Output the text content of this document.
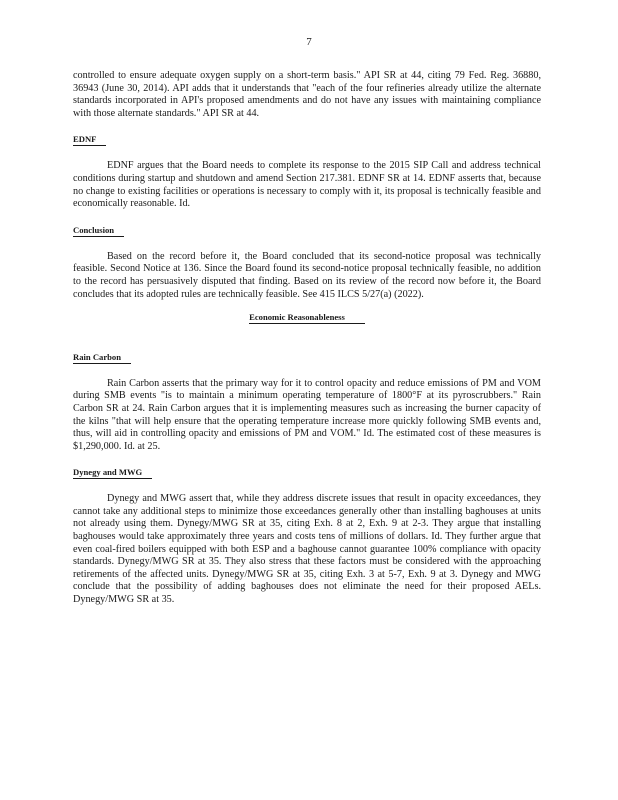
7

controlled to ensure adequate oxygen supply on a short-term basis." API SR at 44, citing 79 Fed. Reg. 36880, 36943 (June 30, 2014). API adds that it understands that "each of the four refineries already utilize the alternate standards incorporated in API's proposed amendments and do not have any issues with maintaining compliance with those alternate standards." API SR at 44.

EDNF

EDNF argues that the Board needs to complete its response to the 2015 SIP Call and address technical conditions during startup and shutdown and amend Section 217.381. EDNF SR at 14. EDNF asserts that, because no change to existing facilities or operations is necessary to comply with it, its proposal is technically feasible and economically reasonable. Id.

Conclusion

Based on the record before it, the Board concluded that its second-notice proposal was technically feasible. Second Notice at 136. Since the Board found its second-notice proposal technically feasible, no addition to the record has persuasively disputed that finding. Based on its review of the record now before it, the Board concludes that its adopted rules are technically feasible. See 415 ILCS 5/27(a) (2022).

Economic Reasonableness
Rain Carbon

Rain Carbon asserts that the primary way for it to control opacity and reduce emissions of PM and VOM during SMB events "is to maintain a minimum operating temperature of 1800°F at its pyroscrubbers." Rain Carbon SR at 24. Rain Carbon argues that it is implementing measures such as increasing the burner capacity of the kilns "that will help ensure that the operating temperature increase more quickly following SMB events and, thus, will aid in controlling opacity and emissions of PM and VOM." Id. The estimated cost of these measures is $1,290,000. Id. at 25.

Dynegy and MWG

Dynegy and MWG assert that, while they address discrete issues that result in opacity exceedances, they cannot take any additional steps to minimize those exceedances generally other than installing baghouses at units not already using them. Dynegy/MWG SR at 35, citing Exh. 8 at 2, Exh. 9 at 2-3. They argue that installing baghouses would take approximately three years and costs tens of millions of dollars. Id. They further argue that even coal-fired boilers equipped with both ESP and a baghouse cannot guarantee 100% compliance with opacity standards. Dynegy/MWG SR at 35. They also stress that these factors must be considered with the approaching retirements of the affected units. Dynegy/MWG SR at 35, citing Exh. 3 at 5-7, Exh. 9 at 3. Dynegy and MWG conclude that the possibility of adding baghouses does not eliminate the need for their proposed AELs. Dynegy/MWG SR at 35.
